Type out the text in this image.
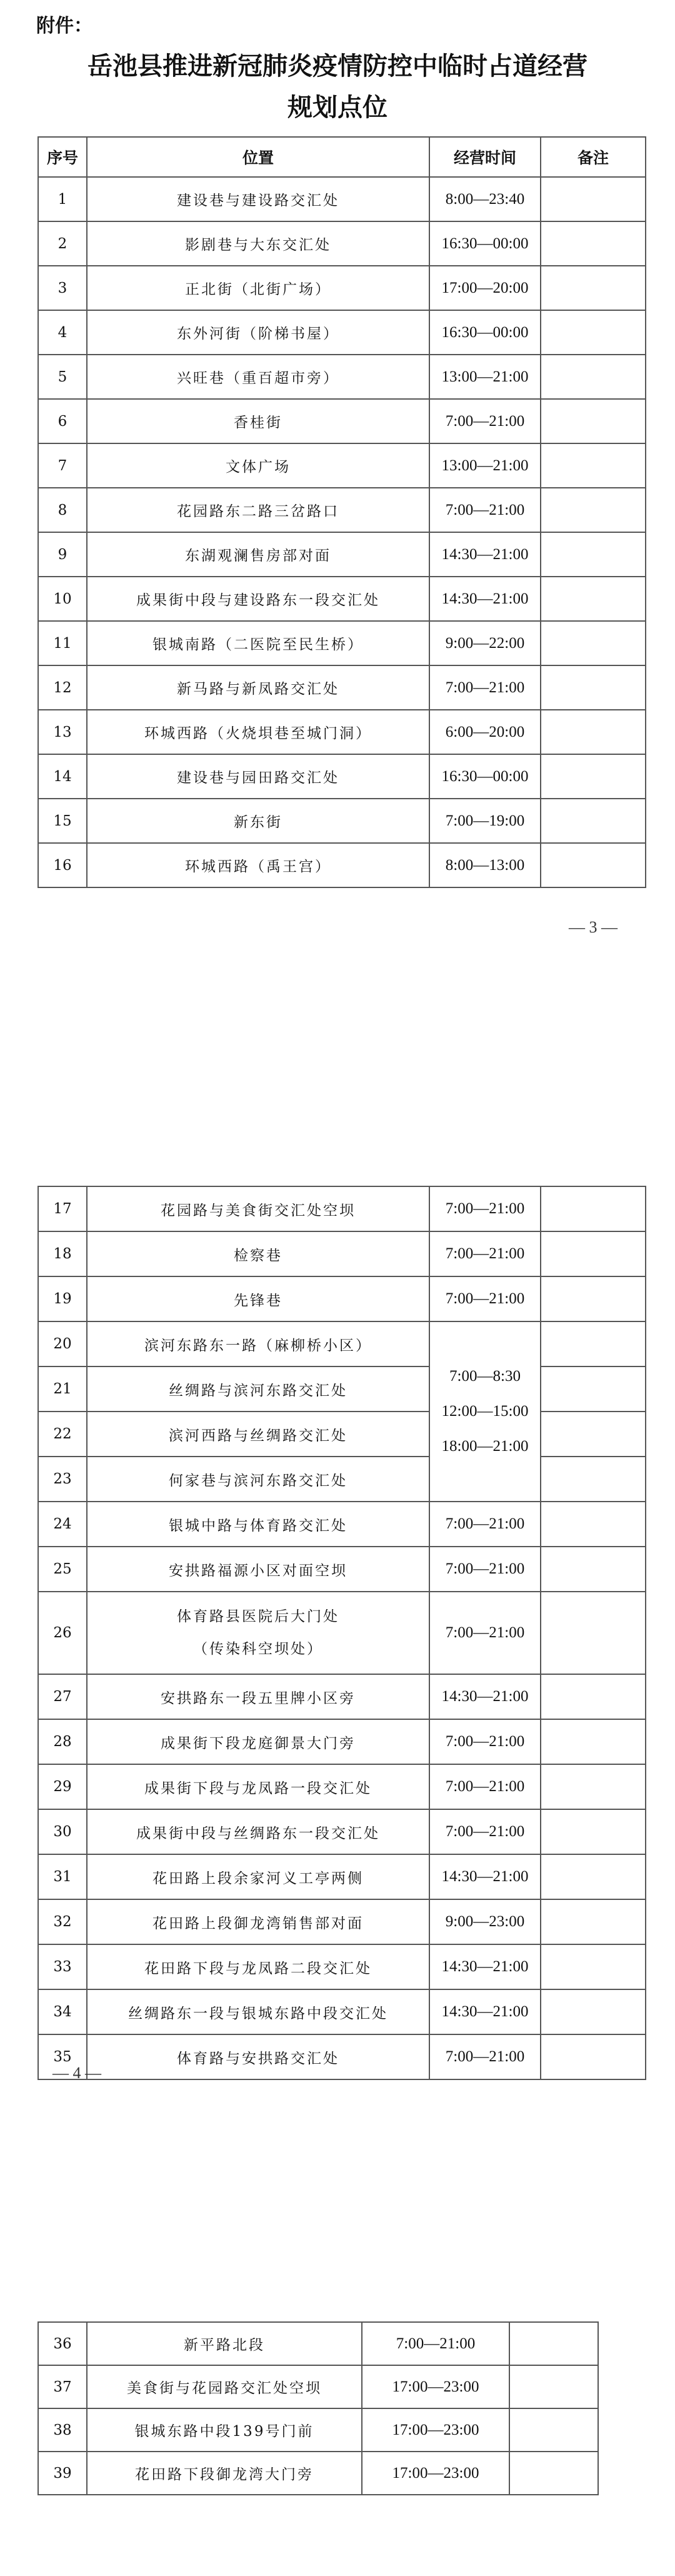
附件：
岳池县推进新冠肺炎疫情防控中临时占道经营
规划点位
序号	位置	经营时间	备注
1	建设巷与建设路交汇处	8:00—23:40	
2	影剧巷与大东交汇处	16:30—00:00	
3	正北街（北街广场）	17:00—20:00	
4	东外河街（阶梯书屋）	16:30—00:00	
5	兴旺巷（重百超市旁）	13:00—21:00	
6	香桂街	7:00—21:00	
7	文体广场	13:00—21:00	
8	花园路东二路三岔路口	7:00—21:00	
9	东湖观澜售房部对面	14:30—21:00	
10	成果街中段与建设路东一段交汇处	14:30—21:00	
11	银城南路（二医院至民生桥）	9:00—22:00	
12	新马路与新凤路交汇处	7:00—21:00	
13	环城西路（火烧垻巷至城门洞）	6:00—20:00	
14	建设巷与园田路交汇处	16:30—00:00	
15	新东街	7:00—19:00	
16	环城西路（禹王宫）	8:00—13:00	
— 3 —
17	花园路与美食街交汇处空坝	7:00—21:00	
18	检察巷	7:00—21:00	
19	先锋巷	7:00—21:00	
20	滨河东路东一路（麻柳桥小区）	7:00—8:30
12:00—15:00
18:00—21:00	

21	丝绸路与滨河东路交汇处		
22	滨河西路与丝绸路交汇处		
23	何家巷与滨河东路交汇处		
24	银城中路与体育路交汇处	7:00—21:00	
25	安拱路福源小区对面空坝	7:00—21:00	
26	体育路县医院后大门处
（传染科空坝处）	7:00—21:00	
27	安拱路东一段五里牌小区旁	14:30—21:00	
28	成果街下段龙庭御景大门旁	7:00—21:00	
29	成果街下段与龙凤路一段交汇处	7:00—21:00	
30	成果街中段与丝绸路东一段交汇处	7:00—21:00	
31	花田路上段余家河义工亭两侧	14:30—21:00	
32	花田路上段御龙湾销售部对面	9:00—23:00	
33	花田路下段与龙凤路二段交汇处	14:30—21:00	
34	丝绸路东一段与银城东路中段交汇处	14:30—21:00	
35	体育路与安拱路交汇处	7:00—21:00	
— 4 —
36	新平路北段	7:00—21:00	
37	美食街与花园路交汇处空坝	17:00—23:00	
38	银城东路中段139号门前	17:00—23:00	
39	花田路下段御龙湾大门旁	17:00—23:00	
